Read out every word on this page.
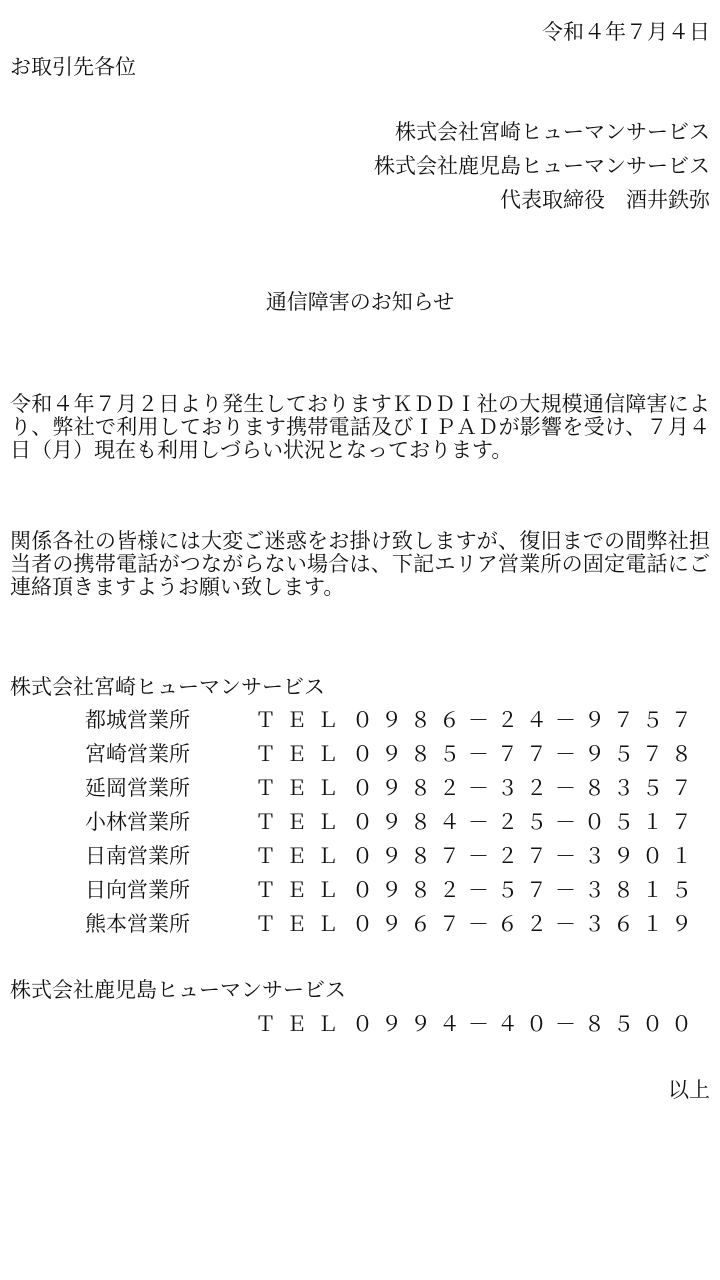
令和４年７月４日
お取引先各位
株式会社宮崎ヒューマンサービス
株式会社鹿児島ヒューマンサービス
代表取締役　酒井鉄弥
通信障害のお知らせ
令和４年７月２日より発生しておりますＫＤＤＩ社の大規模通信障害により、弊社で利用しております携帯電話及びＩＰＡＤが影響を受け、７月４日（月）現在も利用しづらい状況となっております。
関係各社の皆様には大変ご迷惑をお掛け致しますが、復旧までの間弊社担当者の携帯電話がつながらない場合は、下記エリア営業所の固定電話にご連絡頂きますようお願い致します。
株式会社宮崎ヒューマンサービス
都城営業所	ＴＥＬ ０９８６－２４－９７５７
宮崎営業所	ＴＥＬ ０９８５－７７－９５７８
延岡営業所	ＴＥＬ ０９８２－３２－８３５７
小林営業所	ＴＥＬ ０９８４－２５－０５１７
日南営業所	ＴＥＬ ０９８７－２７－３９０１
日向営業所	ＴＥＬ ０９８２－５７－３８１５
熊本営業所	ＴＥＬ ０９６７－６２－３６１９
株式会社鹿児島ヒューマンサービス
ＴＥＬ ０９９４－４０－８５００
以上
